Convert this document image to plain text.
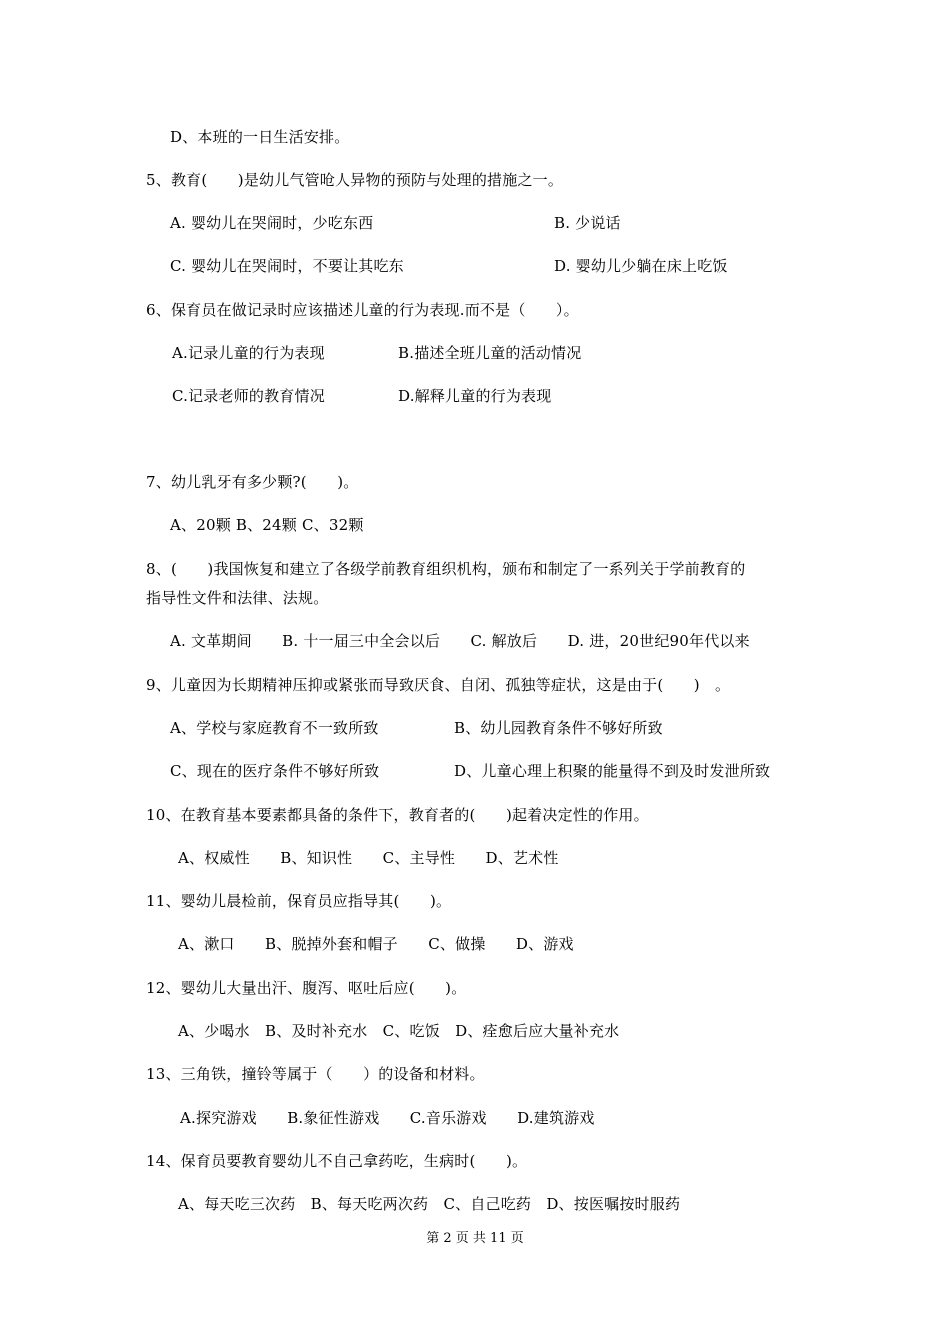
D、本班的一日生活安排。
5、教育(　　)是幼儿气管呛人异物的预防与处理的措施之一。
A. 婴幼儿在哭闹时，少吃东西	B. 少说话
C. 婴幼儿在哭闹时，不要让其吃东	D. 婴幼儿少躺在床上吃饭
6、保育员在做记录时应该描述儿童的行为表现.而不是（　　）。
A.记录儿童的行为表现	B.描述全班儿童的活动情况
C.记录老师的教育情况	D.解释儿童的行为表现
7、幼儿乳牙有多少颗?(　　)。
A、20颗 B、24颗 C、32颗
8、(　　)我国恢复和建立了各级学前教育组织机构，颁布和制定了一系列关于学前教育的
指导性文件和法律、法规。
A. 文革期间　　B. 十一届三中全会以后　　C. 解放后　　D. 进，20世纪90年代以来
9、儿童因为长期精神压抑或紧张而导致厌食、自闭、孤独等症状，这是由于(　　)　。
A、学校与家庭教育不一致所致	B、幼儿园教育条件不够好所致
C、现在的医疗条件不够好所致	D、儿童心理上积聚的能量得不到及时发泄所致
10、在教育基本要素都具备的条件下，教育者的(　　)起着决定性的作用。
A、权威性　　B、知识性　　C、主导性　　D、艺术性
11、婴幼儿晨检前，保育员应指导其(　　)。
A、漱口　　B、脱掉外套和帽子　　C、做操　　D、游戏
12、婴幼儿大量出汗、腹泻、呕吐后应(　　)。
A、少喝水　B、及时补充水　C、吃饭　D、痊愈后应大量补充水
13、三角铁，撞铃等属于（　　）的设备和材料。
A.探究游戏　　B.象征性游戏　　C.音乐游戏　　D.建筑游戏
14、保育员要教育婴幼儿不自己拿药吃，生病时(　　)。
A、每天吃三次药　B、每天吃两次药　C、自己吃药　D、按医嘱按时服药
第 2 页 共 11 页
